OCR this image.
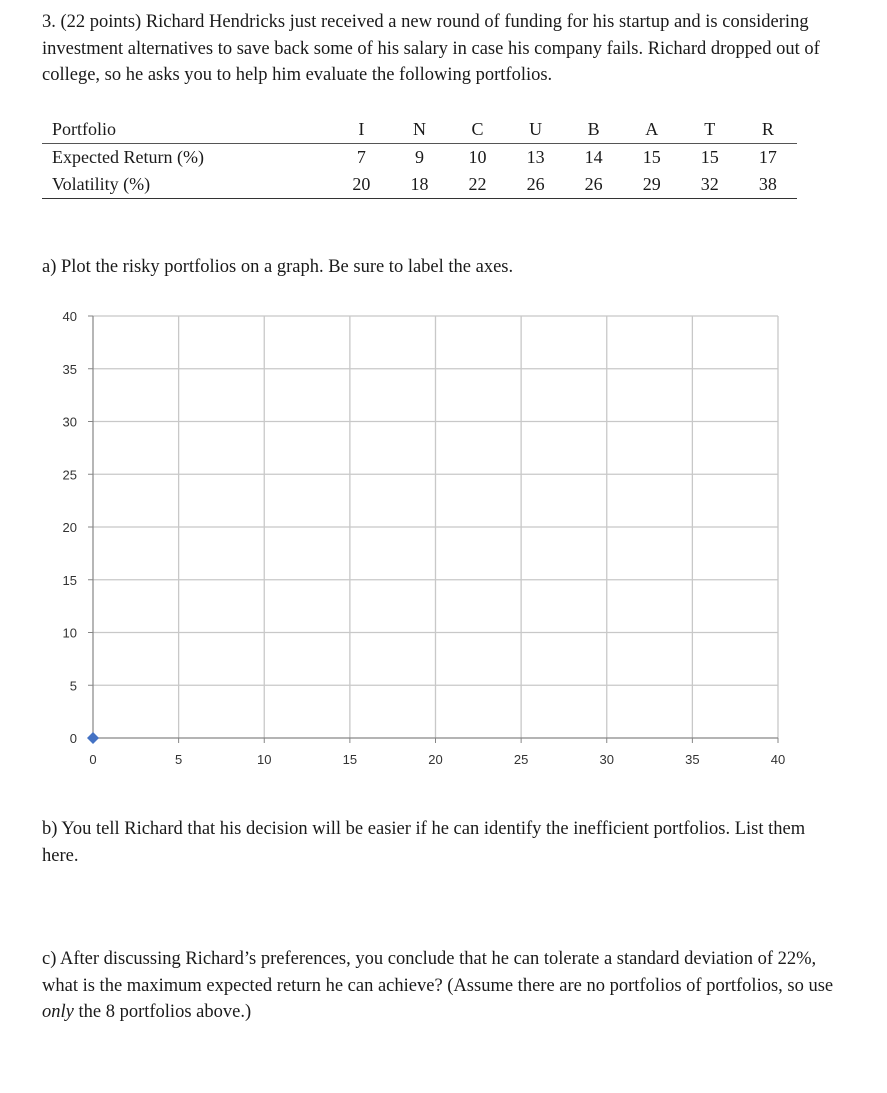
3. (22 points) Richard Hendricks just received a new round of funding for his startup and is considering investment alternatives to save back some of his salary in case his company fails. Richard dropped out of college, so he asks you to help him evaluate the following portfolios.
Portfolio	I	N	C	U	B	A	T	R
Expected Return (%)	7	9	10	13	14	15	15	17
Volatility (%)	20	18	22	26	26	29	32	38
a) Plot the risky portfolios on a graph. Be sure to label the axes.
0	5	10	15	20	25	30	35	40
0
5
10
15
20
25
30
35
40
b) You tell Richard that his decision will be easier if he can identify the inefficient portfolios. List them here.
c) After discussing Richard’s preferences, you conclude that he can tolerate a standard deviation of 22%, what is the maximum expected return he can achieve? (Assume there are no portfolios of portfolios, so use only the 8 portfolios above.)
